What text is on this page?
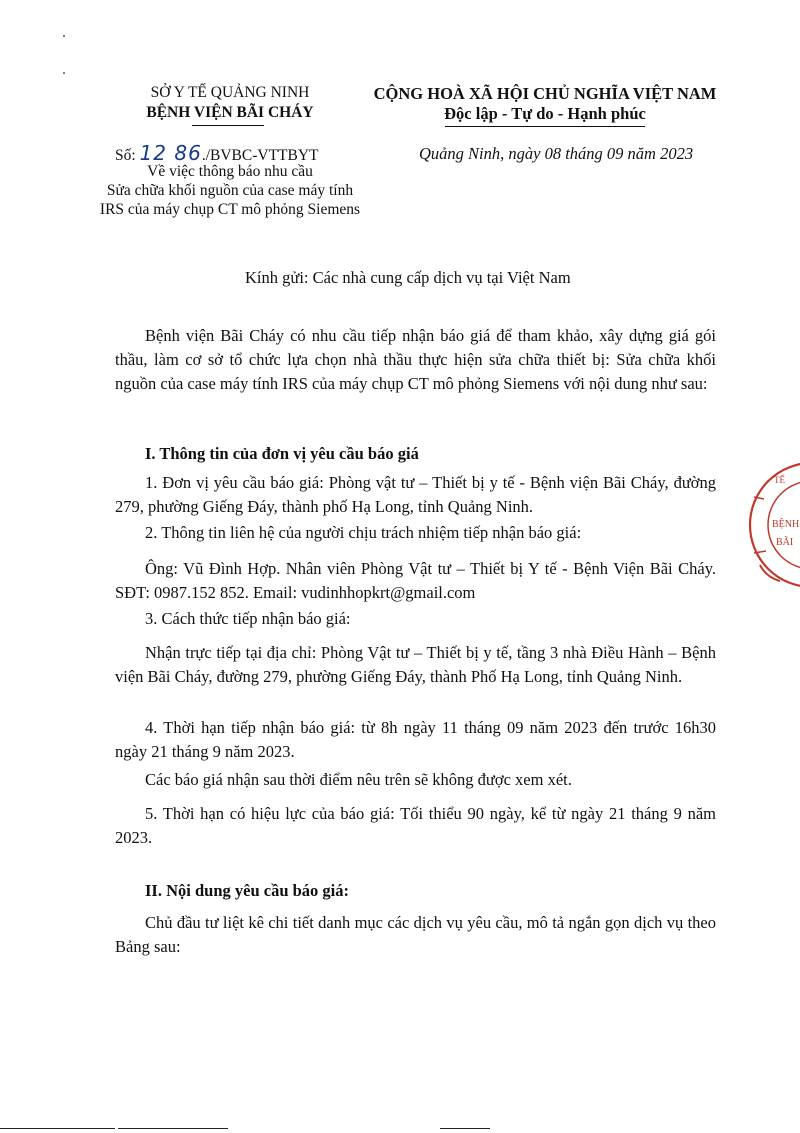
SỞ Y TẾ QUẢNG NINH
BỆNH VIỆN BÃI CHÁY
CỘNG HOÀ XÃ HỘI CHỦ NGHĨA VIỆT NAM
Độc lập - Tự do - Hạnh phúc
Số: 12 86./BVBC-VTTBYT	Quảng Ninh, ngày 08 tháng 09 năm 2023
Về việc thông báo nhu cầu
Sửa chữa khối nguồn của case máy tính
IRS của máy chụp CT mô phỏng Siemens
Kính gửi: Các nhà cung cấp dịch vụ tại Việt Nam
Bệnh viện Bãi Cháy có nhu cầu tiếp nhận báo giá để tham khảo, xây dựng giá gói thầu, làm cơ sở tổ chức lựa chọn nhà thầu thực hiện sửa chữa thiết bị: Sửa chữa khối nguồn của case máy tính IRS của máy chụp CT mô phỏng Siemens với nội dung như sau:
I. Thông tin của đơn vị yêu cầu báo giá
1. Đơn vị yêu cầu báo giá: Phòng vật tư – Thiết bị y tế - Bệnh viện Bãi Cháy, đường 279, phường Giếng Đáy, thành phố Hạ Long, tỉnh Quảng Ninh.
2. Thông tin liên hệ của người chịu trách nhiệm tiếp nhận báo giá:
Ông: Vũ Đình Hợp. Nhân viên Phòng Vật tư – Thiết bị Y tế - Bệnh Viện Bãi Cháy. SĐT: 0987.152 852. Email: vudinhhopkrt@gmail.com
3. Cách thức tiếp nhận báo giá:
Nhận trực tiếp tại địa chỉ: Phòng Vật tư – Thiết bị y tế, tầng 3 nhà Điều Hành – Bệnh viện Bãi Cháy, đường 279, phường Giếng Đáy, thành Phố Hạ Long, tỉnh Quảng Ninh.
4. Thời hạn tiếp nhận báo giá: từ 8h ngày 11 tháng 09 năm 2023 đến trước 16h30 ngày 21 tháng 9 năm 2023.
Các báo giá nhận sau thời điểm nêu trên sẽ không được xem xét.
5. Thời hạn có hiệu lực của báo giá: Tối thiểu 90 ngày, kể từ ngày 21 tháng 9 năm 2023.
II. Nội dung yêu cầu báo giá:
Chủ đầu tư liệt kê chi tiết danh mục các dịch vụ yêu cầu, mô tả ngắn gọn dịch vụ theo Bảng sau:
TẾ
BỆNH
BÃI
